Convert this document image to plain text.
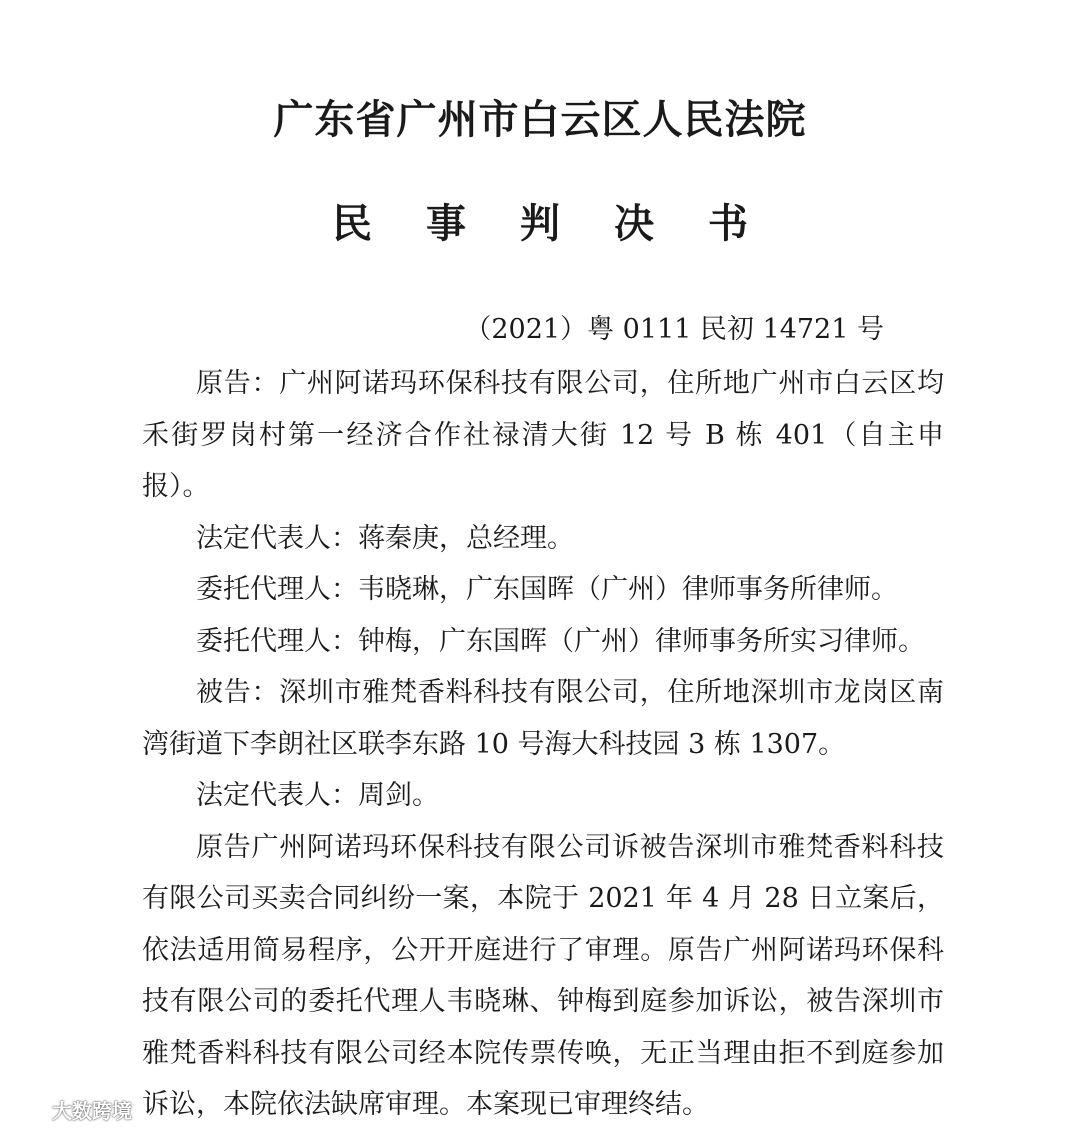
广东省广州市白云区人民法院
民 事 判 决 书
（2021）粤 0111 民初 14721 号

原告：广州阿诺玛环保科技有限公司，住所地广州市白云区均禾街罗岗村第一经济合作社禄清大街 12 号 B 栋 401（自主申报）。

法定代表人：蒋秦庚，总经理。

委托代理人：韦晓琳，广东国晖（广州）律师事务所律师。

委托代理人：钟梅，广东国晖（广州）律师事务所实习律师。

被告：深圳市雅梵香料科技有限公司，住所地深圳市龙岗区南湾街道下李朗社区联李东路 10 号海大科技园 3 栋 1307。

法定代表人：周剑。

原告广州阿诺玛环保科技有限公司诉被告深圳市雅梵香料科技有限公司买卖合同纠纷一案，本院于 2021 年 4 月 28 日立案后，依法适用简易程序，公开开庭进行了审理。原告广州阿诺玛环保科技有限公司的委托代理人韦晓琳、钟梅到庭参加诉讼，被告深圳市雅梵香料科技有限公司经本院传票传唤，无正当理由拒不到庭参加诉讼，本院依法缺席审理。本案现已审理终结。

大数跨境
